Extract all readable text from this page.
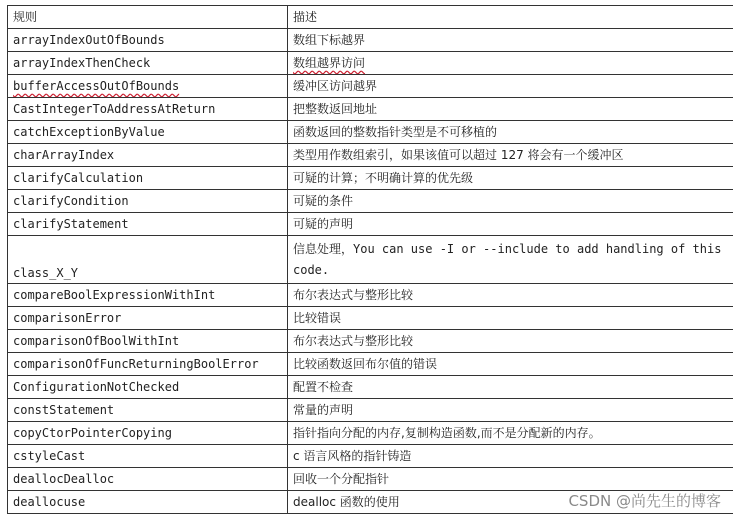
规则	描述
arrayIndexOutOfBounds	数组下标越界
arrayIndexThenCheck	数组越界访问
bufferAccessOutOfBounds	缓冲区访问越界
CastIntegerToAddressAtReturn	把整数返回地址
catchExceptionByValue	函数返回的整数指针类型是不可移植的
charArrayIndex	类型用作数组索引，如果该值可以超过 127 将会有一个缓冲区
clarifyCalculation	可疑的计算；不明确计算的优先级
clarifyCondition	可疑的条件
clarifyStatement	可疑的声明
class_X_Y	信息处理，You can use -I or --include to add handling of this code.
compareBoolExpressionWithInt	布尔表达式与整形比较
comparisonError	比较错误
comparisonOfBoolWithInt	布尔表达式与整形比较
comparisonOfFuncReturningBoolError	比较函数返回布尔值的错误
ConfigurationNotChecked	配置不检查
constStatement	常量的声明
copyCtorPointerCopying	指针指向分配的内存,复制构造函数,而不是分配新的内存。
cstyleCast	c 语言风格的指针铸造
deallocDealloc	回收一个分配指针
deallocuse	dealloc 函数的使用	CSDN @尚先生的博客
